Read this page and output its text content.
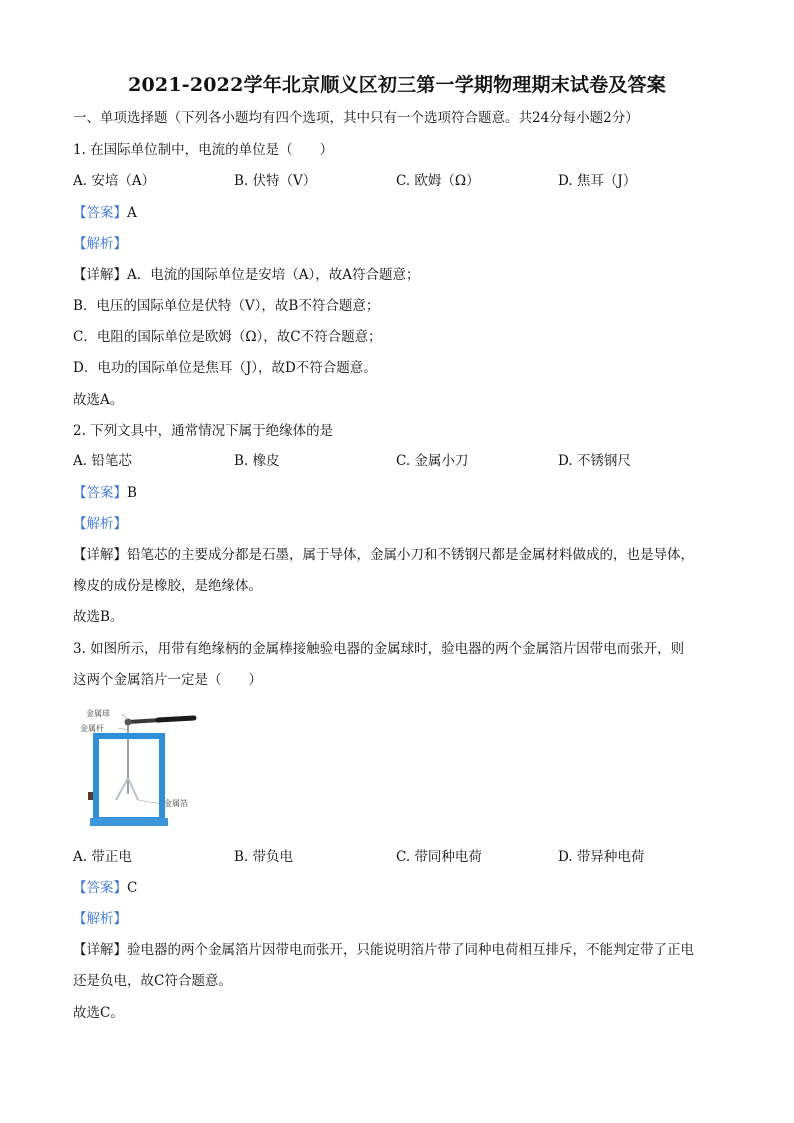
2021-2022学年北京顺义区初三第一学期物理期末试卷及答案
一、单项选择题（下列各小题均有四个选项，其中只有一个选项符合题意。共24分每小题2分）
1. 在国际单位制中，电流的单位是（　　）
A. 安培（A）	B. 伏特（V）	C. 欧姆（Ω）	D. 焦耳（J）
【答案】A
【解析】
【详解】A．电流的国际单位是安培（A），故A符合题意；
B．电压的国际单位是伏特（V），故B不符合题意；
C．电阻的国际单位是欧姆（Ω），故C不符合题意；
D．电功的国际单位是焦耳（J），故D不符合题意。
故选A。
2. 下列文具中，通常情况下属于绝缘体的是
A. 铅笔芯	B. 橡皮	C. 金属小刀	D. 不锈钢尺
【答案】B
【解析】
【详解】铅笔芯的主要成分都是石墨，属于导体，金属小刀和不锈钢尺都是金属材料做成的，也是导体，
橡皮的成份是橡胶，是绝缘体。
故选B。
3. 如图所示，用带有绝缘柄的金属棒接触验电器的金属球时，验电器的两个金属箔片因带电而张开，则
这两个金属箔片一定是（　　）
金属球
金属杆
金属箔
A. 带正电	B. 带负电	C. 带同种电荷	D. 带异种电荷
【答案】C
【解析】
【详解】验电器的两个金属箔片因带电而张开，只能说明箔片带了同种电荷相互排斥，不能判定带了正电
还是负电，故C符合题意。
故选C。
